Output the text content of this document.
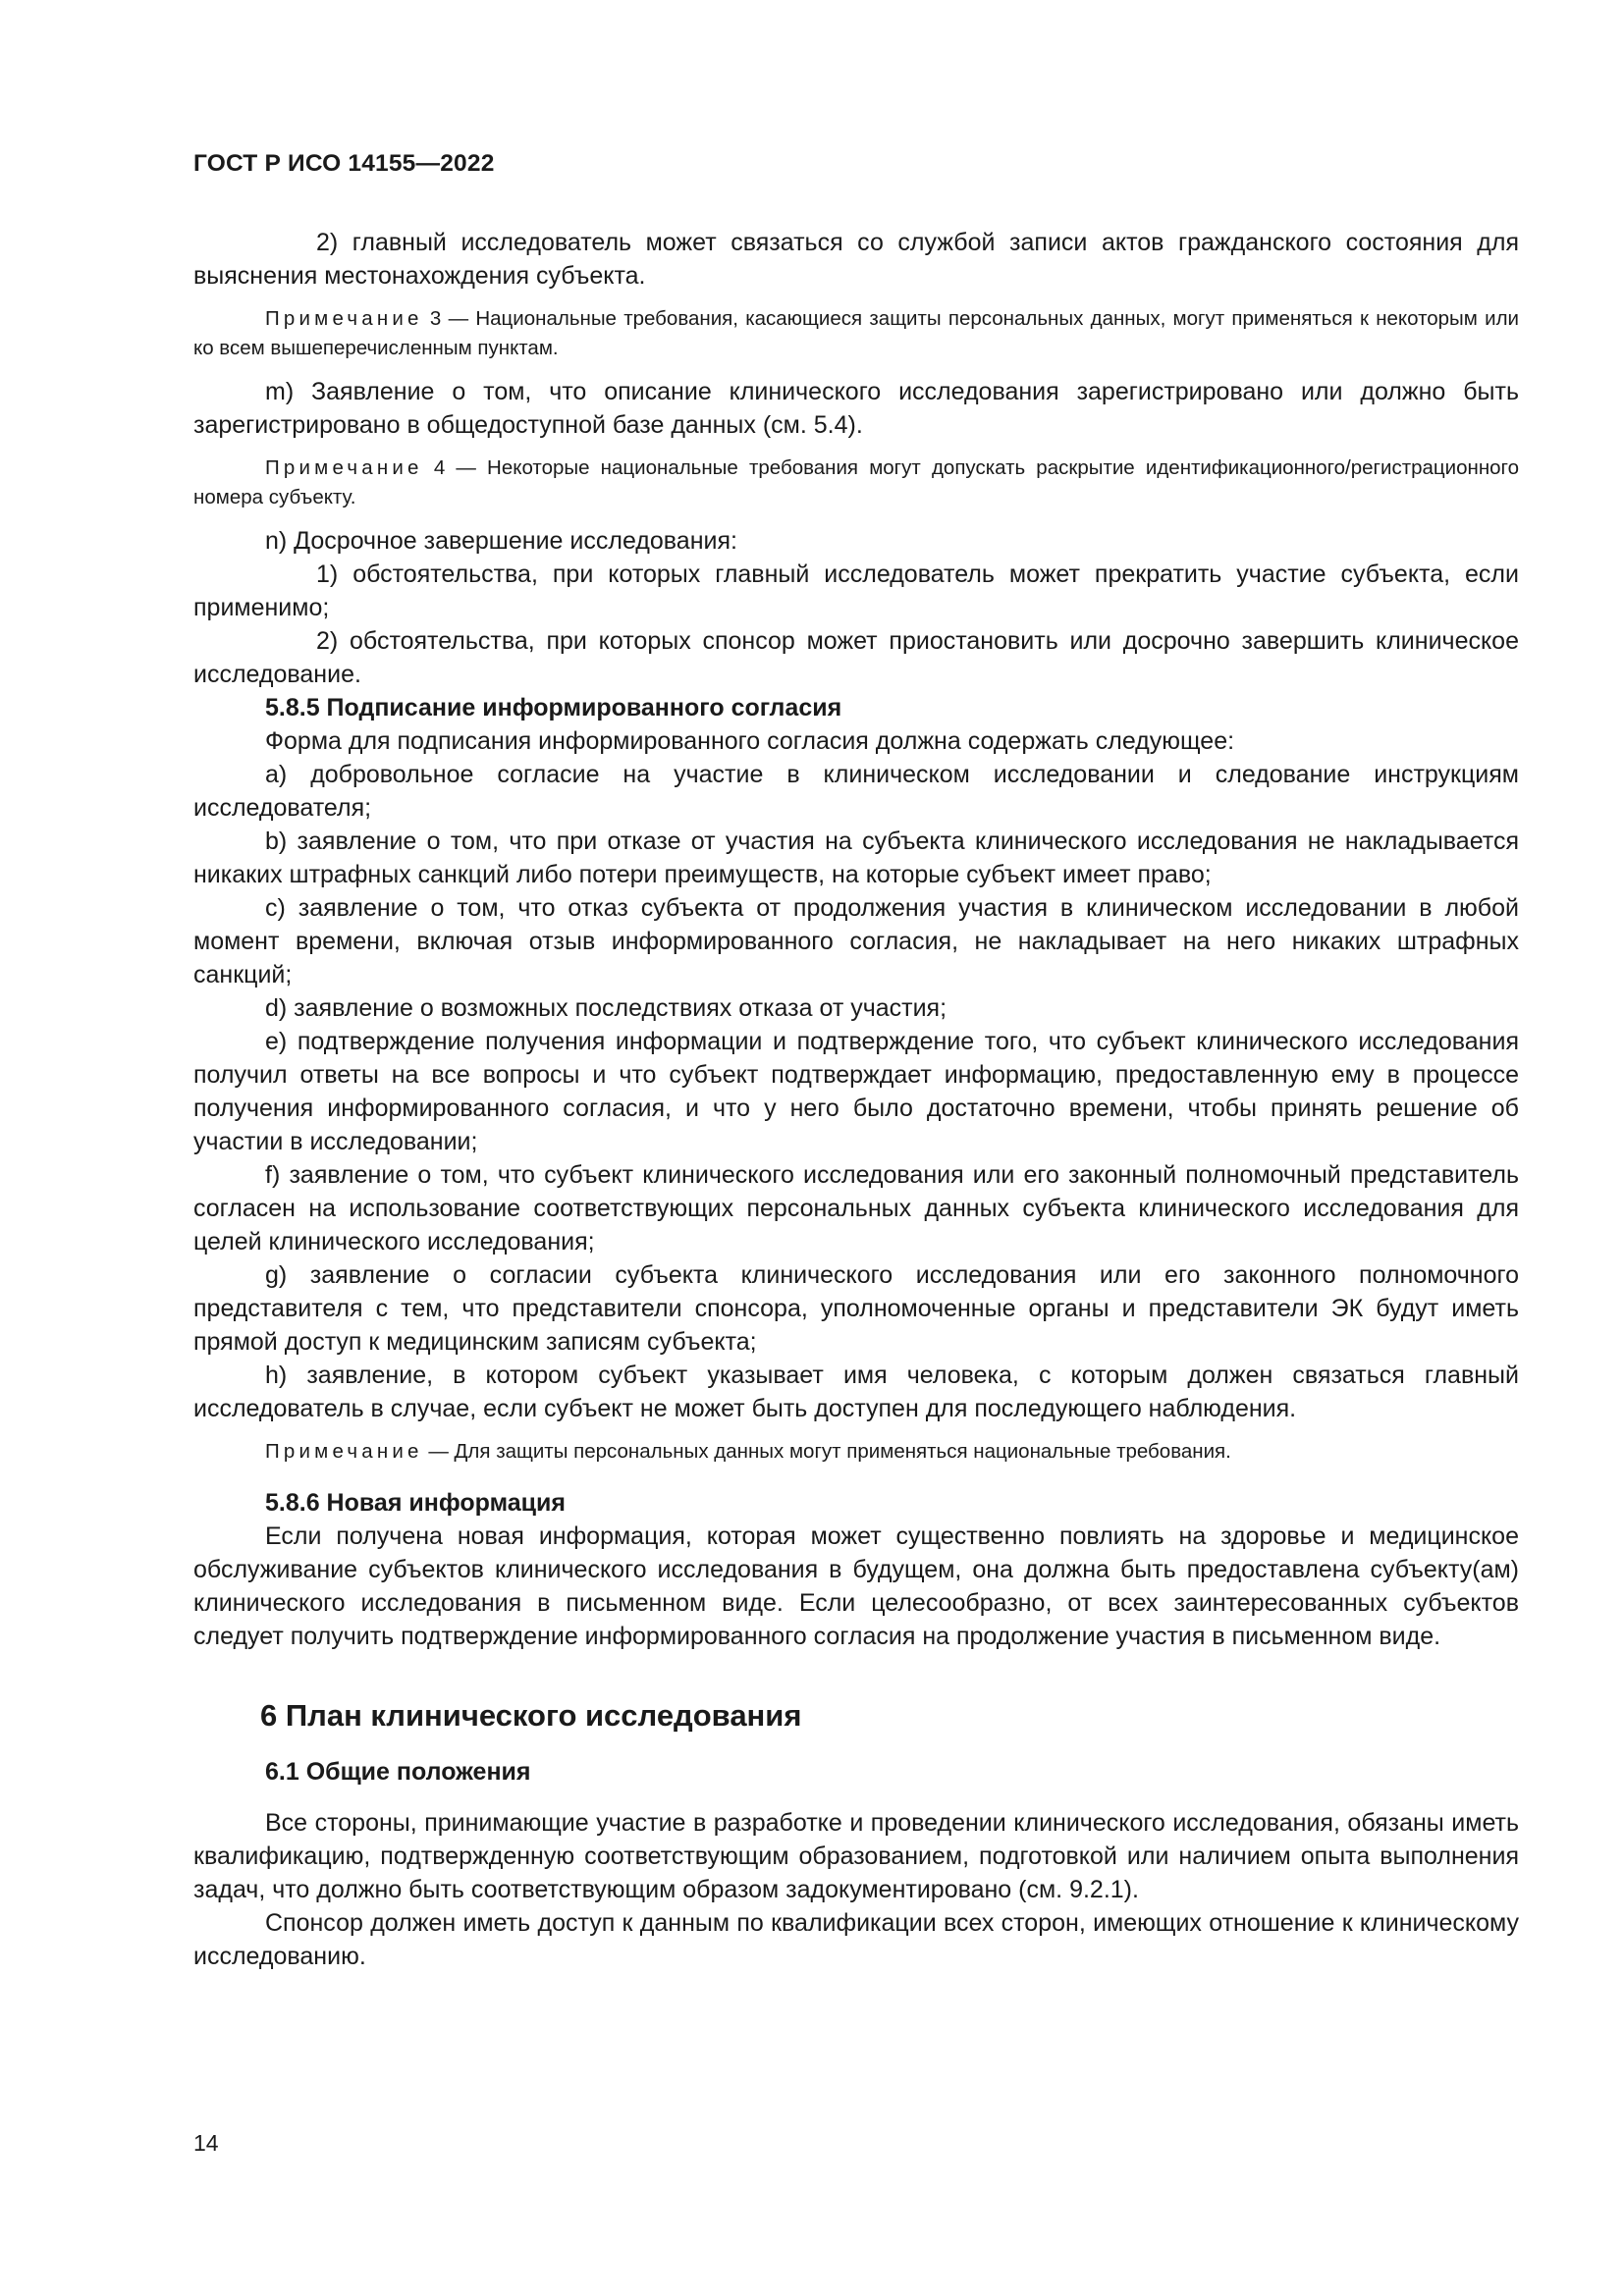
ГОСТ Р ИСО 14155—2022

2) главный исследователь может связаться со службой записи актов гражданского состояния для выяснения местонахождения субъекта.

Примечание 3 — Национальные требования, касающиеся защиты персональных данных, могут применяться к некоторым или ко всем вышеперечисленным пунктам.

m) Заявление о том, что описание клинического исследования зарегистрировано или должно быть зарегистрировано в общедоступной базе данных (см. 5.4).

Примечание 4 — Некоторые национальные требования могут допускать раскрытие идентификационного/регистрационного номера субъекту.

n) Досрочное завершение исследования:

1) обстоятельства, при которых главный исследователь может прекратить участие субъекта, если применимо;

2) обстоятельства, при которых спонсор может приостановить или досрочно завершить клиническое исследование.

5.8.5 Подписание информированного согласия

Форма для подписания информированного согласия должна содержать следующее:

a) добровольное согласие на участие в клиническом исследовании и следование инструкциям исследователя;

b) заявление о том, что при отказе от участия на субъекта клинического исследования не накладывается никаких штрафных санкций либо потери преимуществ, на которые субъект имеет право;

c) заявление о том, что отказ субъекта от продолжения участия в клиническом исследовании в любой момент времени, включая отзыв информированного согласия, не накладывает на него никаких штрафных санкций;

d) заявление о возможных последствиях отказа от участия;

e) подтверждение получения информации и подтверждение того, что субъект клинического исследования получил ответы на все вопросы и что субъект подтверждает информацию, предоставленную ему в процессе получения информированного согласия, и что у него было достаточно времени, чтобы принять решение об участии в исследовании;

f) заявление о том, что субъект клинического исследования или его законный полномочный представитель согласен на использование соответствующих персональных данных субъекта клинического исследования для целей клинического исследования;

g) заявление о согласии субъекта клинического исследования или его законного полномочного представителя с тем, что представители спонсора, уполномоченные органы и представители ЭК будут иметь прямой доступ к медицинским записям субъекта;

h) заявление, в котором субъект указывает имя человека, с которым должен связаться главный исследователь в случае, если субъект не может быть доступен для последующего наблюдения.

Примечание — Для защиты персональных данных могут применяться национальные требования.
5.8.6 Новая информация

Если получена новая информация, которая может существенно повлиять на здоровье и медицинское обслуживание субъектов клинического исследования в будущем, она должна быть предоставлена субъекту(ам) клинического исследования в письменном виде. Если целесообразно, от всех заинтересованных субъектов следует получить подтверждение информированного согласия на продолжение участия в письменном виде.

6 План клинического исследования
6.1 Общие положения

Все стороны, принимающие участие в разработке и проведении клинического исследования, обязаны иметь квалификацию, подтвержденную соответствующим образованием, подготовкой или наличием опыта выполнения задач, что должно быть соответствующим образом задокументировано (см. 9.2.1).

Спонсор должен иметь доступ к данным по квалификации всех сторон, имеющих отношение к клиническому исследованию.

14
